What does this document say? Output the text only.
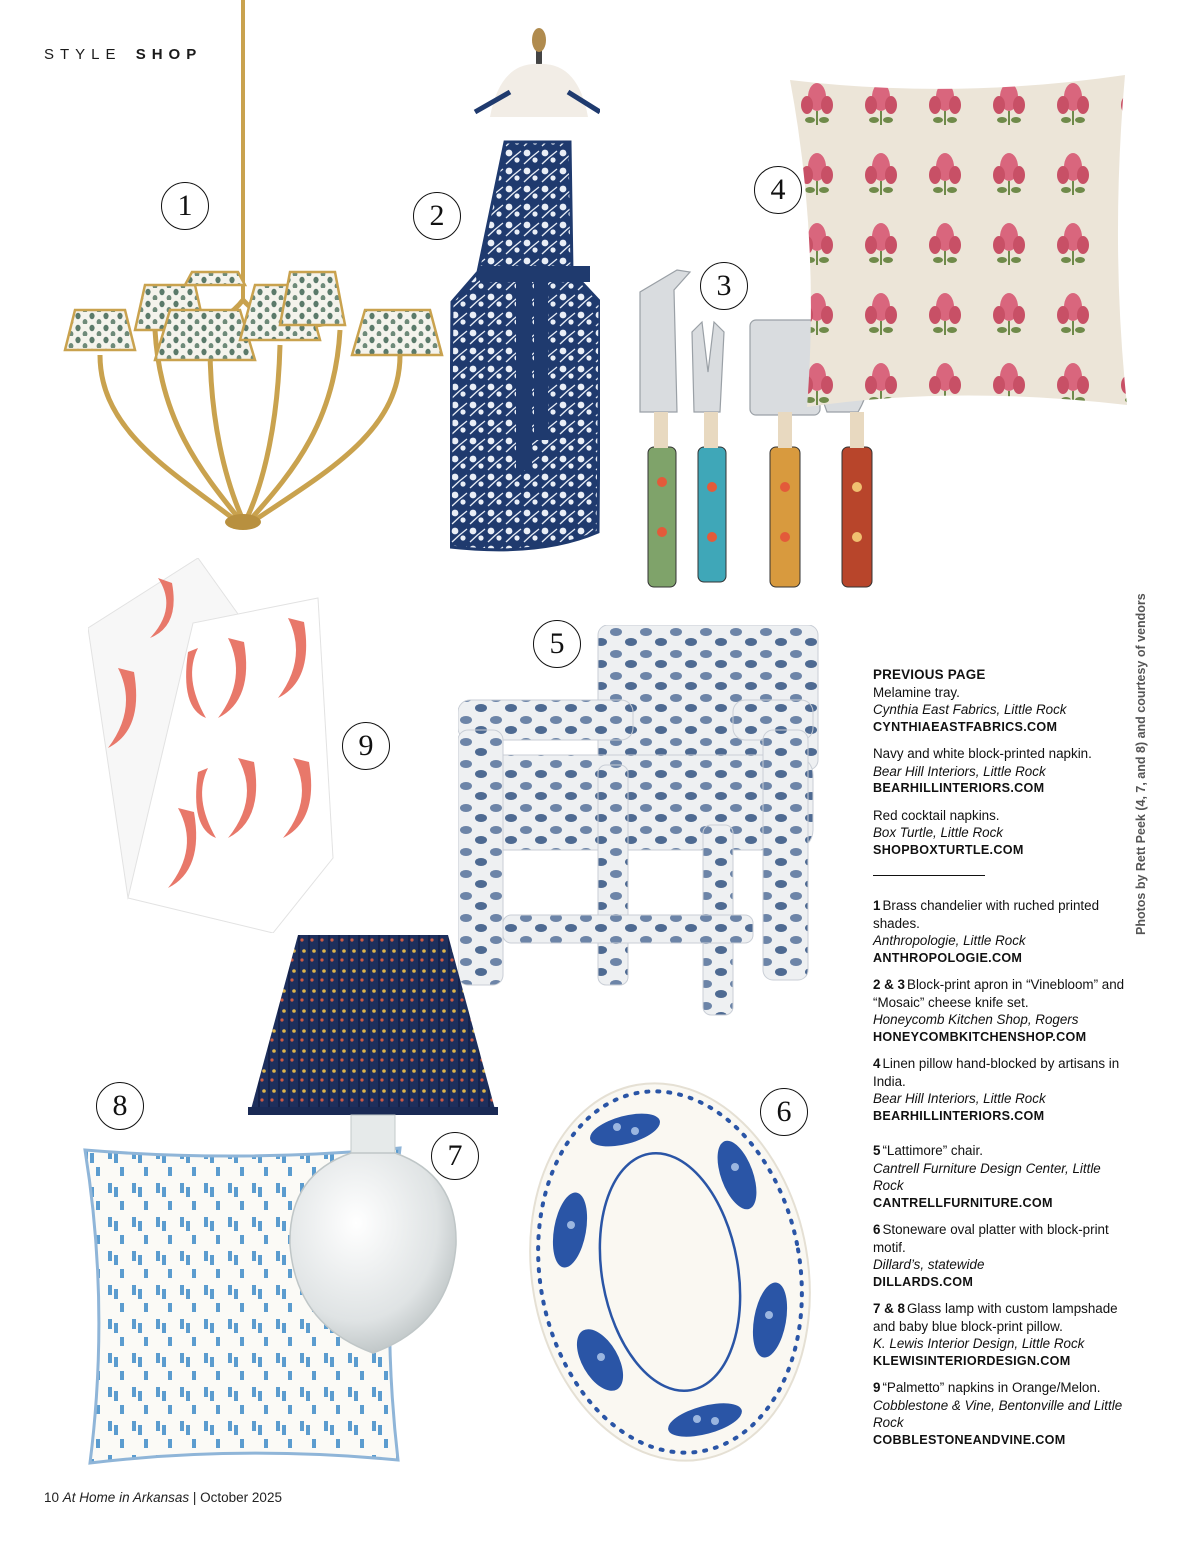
STYLE SHOP
1	2
3
4
9
5
8
7
6
PREVIOUS PAGE
Melamine tray.
Cynthia East Fabrics, Little Rock
CYNTHIAEASTFABRICS.COM
Navy and white block-printed napkin.
Bear Hill Interiors, Little Rock
BEARHILLINTERIORS.COM
Red cocktail napkins.
Box Turtle, Little Rock
SHOPBOXTURTLE.COM
1 Brass chandelier with ruched printed shades.
Anthropologie, Little Rock
ANTHROPOLOGIE.COM
2 & 3 Block-print apron in “Vinebloom” and “Mosaic” cheese knife set.
Honeycomb Kitchen Shop, Rogers
HONEYCOMBKITCHENSHOP.COM
4 Linen pillow hand-blocked by artisans in India.
Bear Hill Interiors, Little Rock
BEARHILLINTERIORS.COM
5 “Lattimore” chair.
Cantrell Furniture Design Center, Little Rock
CANTRELLFURNITURE.COM
6 Stoneware oval platter with block-print motif.
Dillard’s, statewide
DILLARDS.COM
7 & 8 Glass lamp with custom lampshade and baby blue block-print pillow.
K. Lewis Interior Design, Little Rock
KLEWISINTERIORDESIGN.COM
9 “Palmetto” napkins in Orange/Melon.
Cobblestone & Vine, Bentonville and Little Rock
COBBLESTONEANDVINE.COM
Photos by Rett Peek (4, 7, and 8) and courtesy of vendors
10 At Home in Arkansas | October 2025
